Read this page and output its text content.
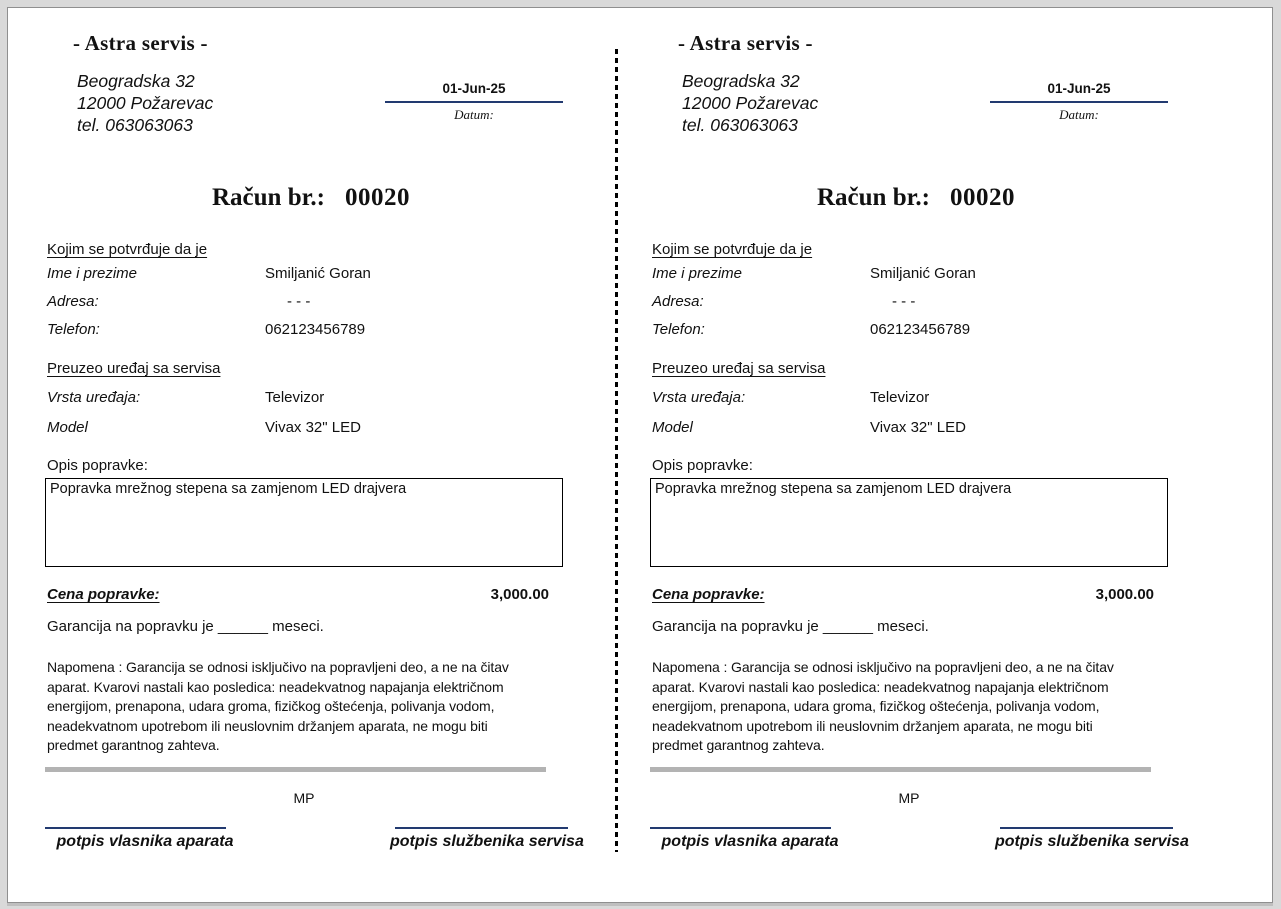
- Astra servis -
Beogradska 32
12000 Požarevac
tel. 063063063
01-Jun-25
Datum:
Račun br.: 00020
Kojim se potvrđuje da je
Ime i prezime	Smiljanić Goran
Adresa:	- - -
Telefon:	062123456789
Preuzeo uređaj sa servisa
Vrsta uređaja:	Televizor
Model	Vivax 32" LED
Opis popravke:
Popravka mrežnog stepena sa zamjenom LED drajvera
Cena popravke:	3,000.00
Garancija na popravku je ______ meseci.
Napomena : Garancija se odnosi isključivo na popravljeni deo, a ne na čitav
aparat. Kvarovi nastali kao posledica: neadekvatnog napajanja električnom
energijom, prenapona, udara groma, fizičkog oštećenja, polivanja vodom,
neadekvatnom upotrebom ili neuslovnim držanjem aparata, ne mogu biti
predmet garantnog zahteva.
MP
potpis vlasnika aparata	potpis službenika servisa
- Astra servis -
Beogradska 32
12000 Požarevac
tel. 063063063
01-Jun-25
Datum:
Račun br.: 00020
Kojim se potvrđuje da je
Ime i prezime	Smiljanić Goran
Adresa:	- - -
Telefon:	062123456789
Preuzeo uređaj sa servisa
Vrsta uređaja:	Televizor
Model	Vivax 32" LED
Opis popravke:
Popravka mrežnog stepena sa zamjenom LED drajvera
Cena popravke:	3,000.00
Garancija na popravku je ______ meseci.
Napomena : Garancija se odnosi isključivo na popravljeni deo, a ne na čitav
aparat. Kvarovi nastali kao posledica: neadekvatnog napajanja električnom
energijom, prenapona, udara groma, fizičkog oštećenja, polivanja vodom,
neadekvatnom upotrebom ili neuslovnim držanjem aparata, ne mogu biti
predmet garantnog zahteva.
MP
potpis vlasnika aparata	potpis službenika servisa
